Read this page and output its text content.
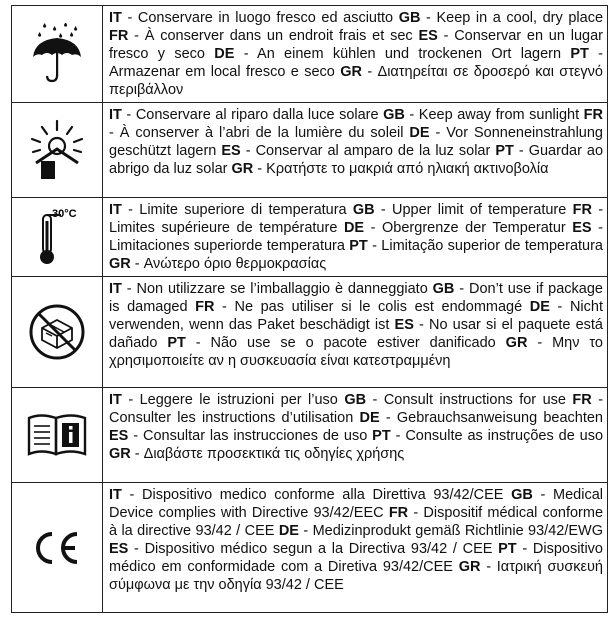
	IT - Conservare in luogo fresco ed asciutto GB - Keep in a cool, dry place FR - À conserver dans un endroit frais et sec ES - Conservar en un lugar fresco y seco DE - An einem kühlen und trockenen Ort lagern PT - Armazenar em local fresco e seco GR - Διατηρείται σε δροσερό και στεγνό περιβάλλον

	IT - Conservare al riparo dalla luce solare GB - Keep away from sunlight FR - À conserver à l’abri de la lumière du soleil DE - Vor Sonneneinstrahlung geschützt lagern ES - Conservar al amparo de la luz solar PT - Guardar ao abrigo da luz solar GR - Κρατήστε το μακριά από ηλιακή ακτινοβολία

30°C	IT - Limite superiore di temperatura GB - Upper limit of temperature FR - Limites supérieure de température DE - Obergrenze der Temperatur ES - Limitaciones superiorde temperatura PT - Limitação superior de temperatura GR - Ανώτερο όριο θερμοκρασίας

	IT - Non utilizzare se l’imballaggio è danneggiato GB - Don’t use if package is damaged FR - Ne pas utiliser si le colis est endommagé DE - Nicht verwenden, wenn das Paket beschädigt ist ES - No usar si el paquete está dañado PT - Não use se o pacote estiver danificado GR - Μην το χρησιμοποιείτε αν η συσκευασία είναι κατεστραμμένη

	IT - Leggere le istruzioni per l’uso GB - Consult instructions for use FR - Consulter les instructions d’utilisation DE - Gebrauchsanweisung beachten ES - Consultar las instrucciones de uso PT - Consulte as instruções de uso GR - Διαβάστε προσεκτικά τις οδηγίες χρήσης

	IT - Dispositivo medico conforme alla Direttiva 93/42/CEE GB - Medical Device complies with Directive 93/42/EEC FR - Dispositif médical conforme à la directive 93/42 / CEE DE - Medizinprodukt gemäß Richtlinie 93/42/EWG ES - Dispositivo médico segun a la Directiva 93/42 / CEE PT - Dispositivo médico em conformidade com a Diretiva 93/42/CEE GR - Ιατρική συσκευή σύμφωνα με την οδηγία 93/42 / CEE
